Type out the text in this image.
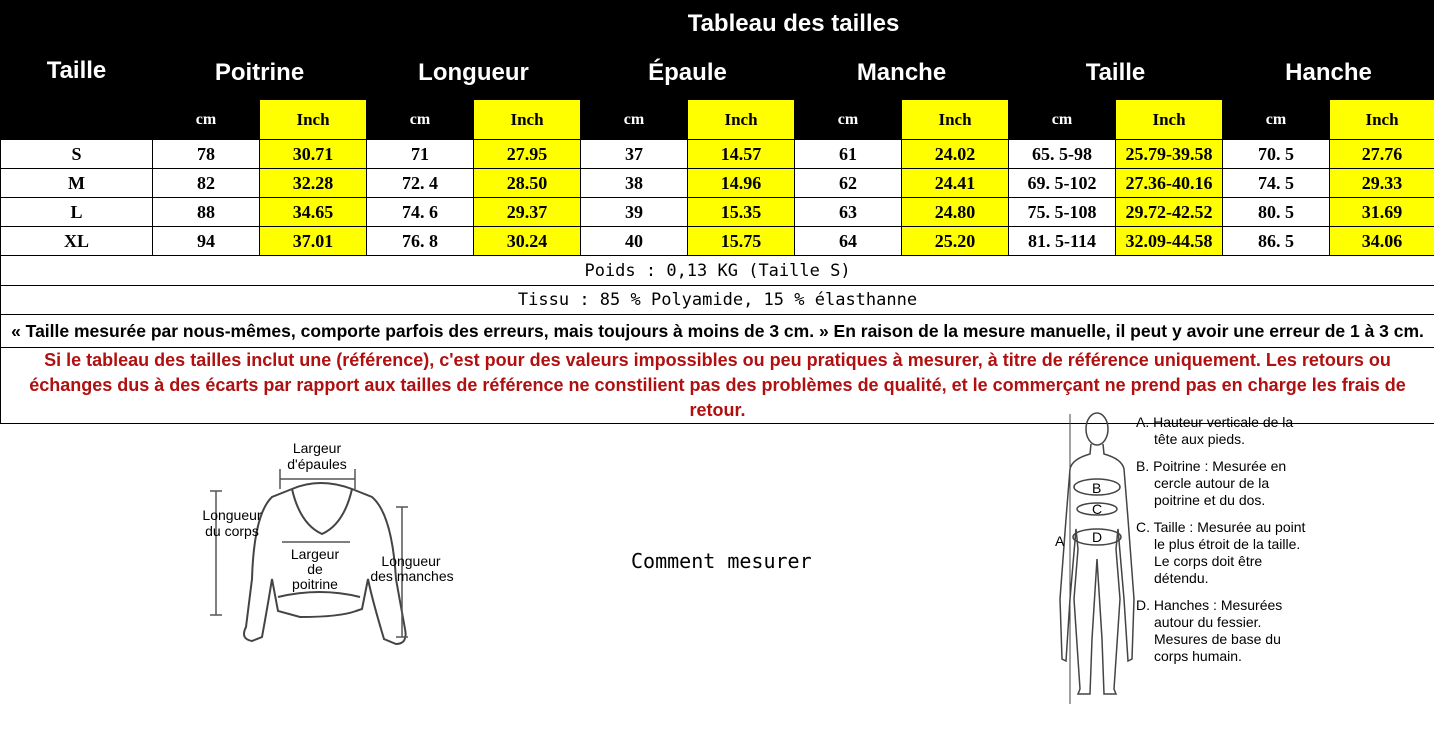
Taille	Tableau des tailles											
	Poitrine		Longueur		Épaule		Manche		Taille		Hanche	
	cm	Inch	cm	Inch	cm	Inch	cm	Inch	cm	Inch	cm	Inch
S	78	30.71	71	27.95	37	14.57	61	24.02	65. 5-98	25.79-39.58	70. 5	27.76
M	82	32.28	72. 4	28.50	38	14.96	62	24.41	69. 5-102	27.36-40.16	74. 5	29.33
L	88	34.65	74. 6	29.37	39	15.35	63	24.80	75. 5-108	29.72-42.52	80. 5	31.69
XL	94	37.01	76. 8	30.24	40	15.75	64	25.20	81. 5-114	32.09-44.58	86. 5	34.06
Poids : 0,13 KG (Taille S)												
Tissu : 85 % Polyamide, 15 % élasthanne												
« Taille mesurée par nous-mêmes, comporte parfois des erreurs, mais toujours à moins de 3 cm. » En raison de la mesure manuelle, il peut y avoir une erreur de 1 à 3 cm.												
Si le tableau des tailles inclut une (référence), c'est pour des valeurs impossibles ou peu pratiques à mesurer, à titre de référence uniquement. Les retours ou échanges dus à des écarts par rapport aux tailles de référence ne constilient pas des problèmes de qualité, et le commerçant ne prend pas en charge les frais de retour.												
Largeur
d'épaules
Longueur
du corps
Largeur
de
poitrine
Longueur
des manches
A
B
C
D
Comment mesurer
A. Hauteur verticale de la tête aux pieds.
B. Poitrine : Mesurée en cercle autour de la poitrine et du dos.
C. Taille : Mesurée au point le plus étroit de la taille. Le corps doit être détendu.
D. Hanches : Mesurées autour du fessier. Mesures de base du corps humain.
